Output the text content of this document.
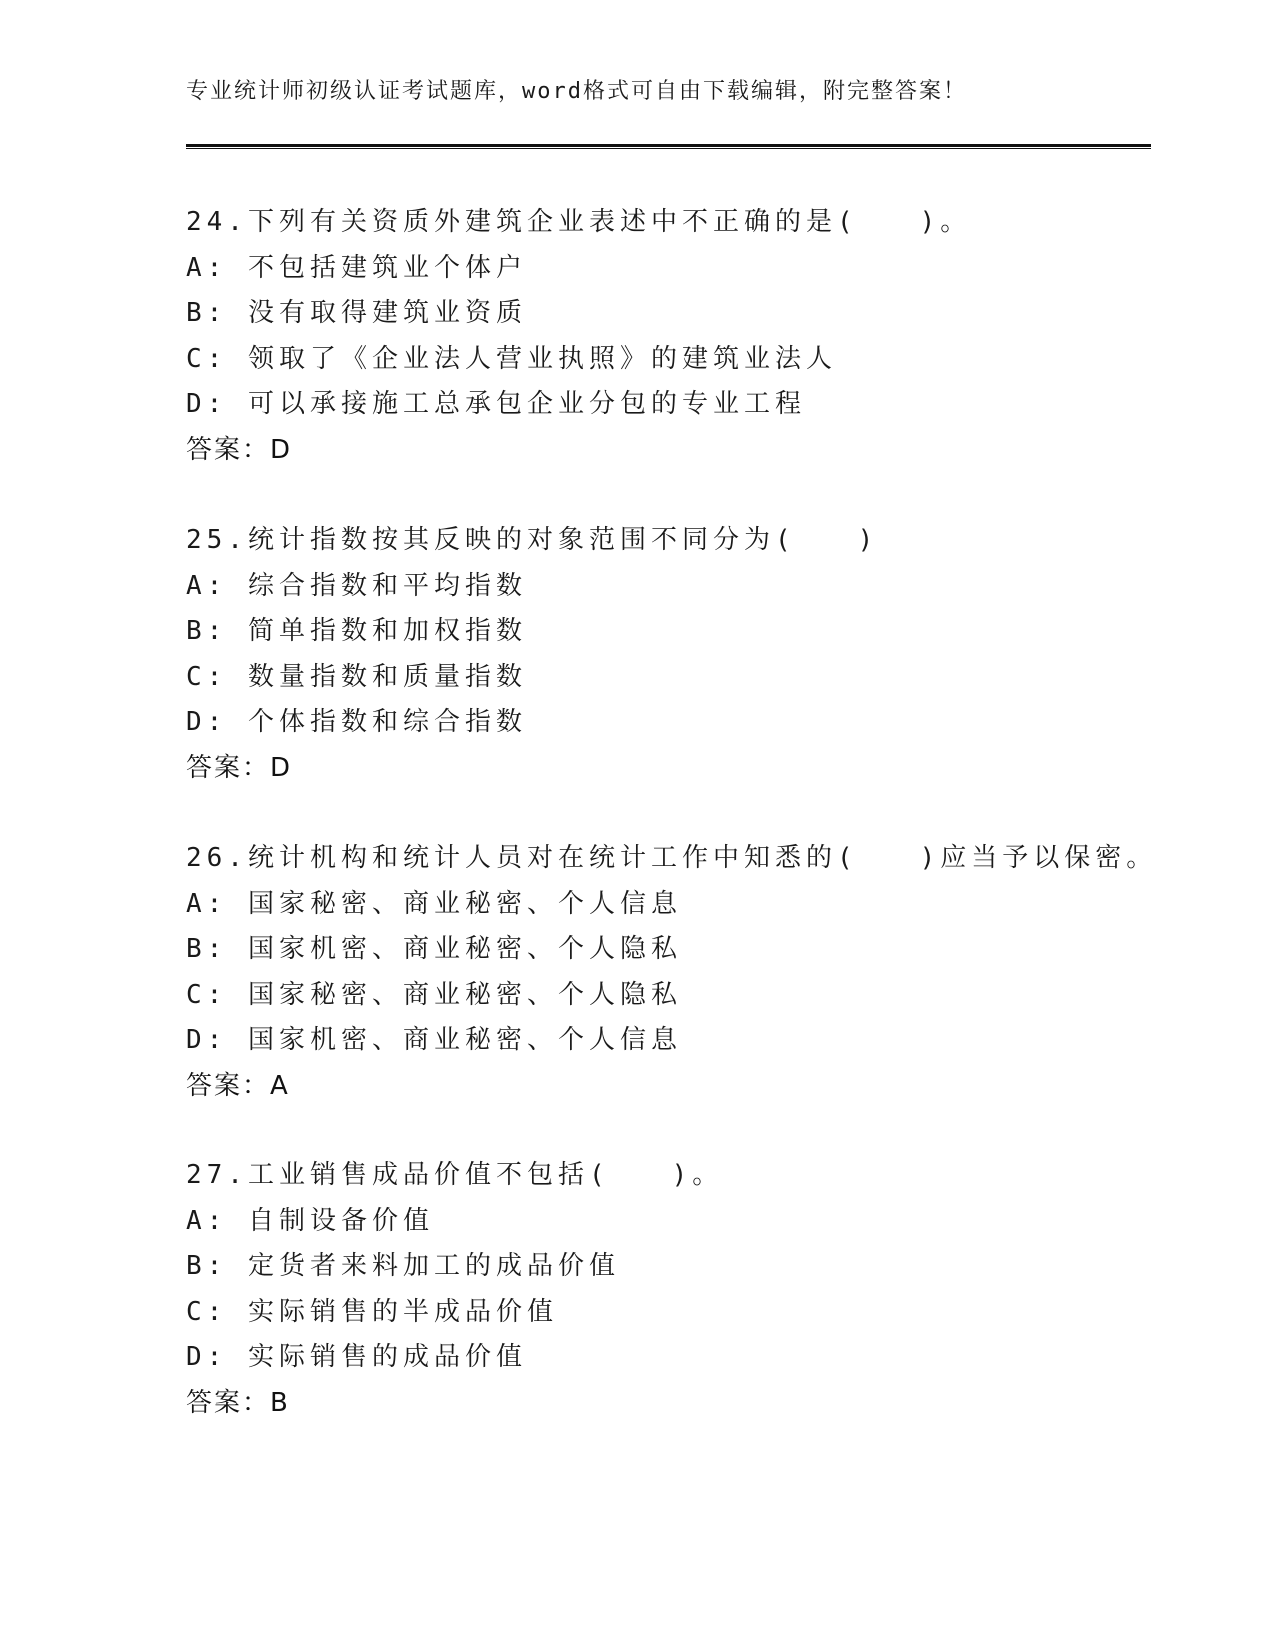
专业统计师初级认证考试题库，word格式可自由下载编辑，附完整答案！
24.下列有关资质外建筑企业表述中不正确的是(　　)。
A: 不包括建筑业个体户
B: 没有取得建筑业资质
C: 领取了《企业法人营业执照》的建筑业法人
D: 可以承接施工总承包企业分包的专业工程
答案：D
25.统计指数按其反映的对象范围不同分为(　　)
A: 综合指数和平均指数
B: 简单指数和加权指数
C: 数量指数和质量指数
D: 个体指数和综合指数
答案：D
26.统计机构和统计人员对在统计工作中知悉的(　　)应当予以保密。
A: 国家秘密、商业秘密、个人信息
B: 国家机密、商业秘密、个人隐私
C: 国家秘密、商业秘密、个人隐私
D: 国家机密、商业秘密、个人信息
答案：A
27.工业销售成品价值不包括(　　)。
A: 自制设备价值
B: 定货者来料加工的成品价值
C: 实际销售的半成品价值
D: 实际销售的成品价值
答案：B
